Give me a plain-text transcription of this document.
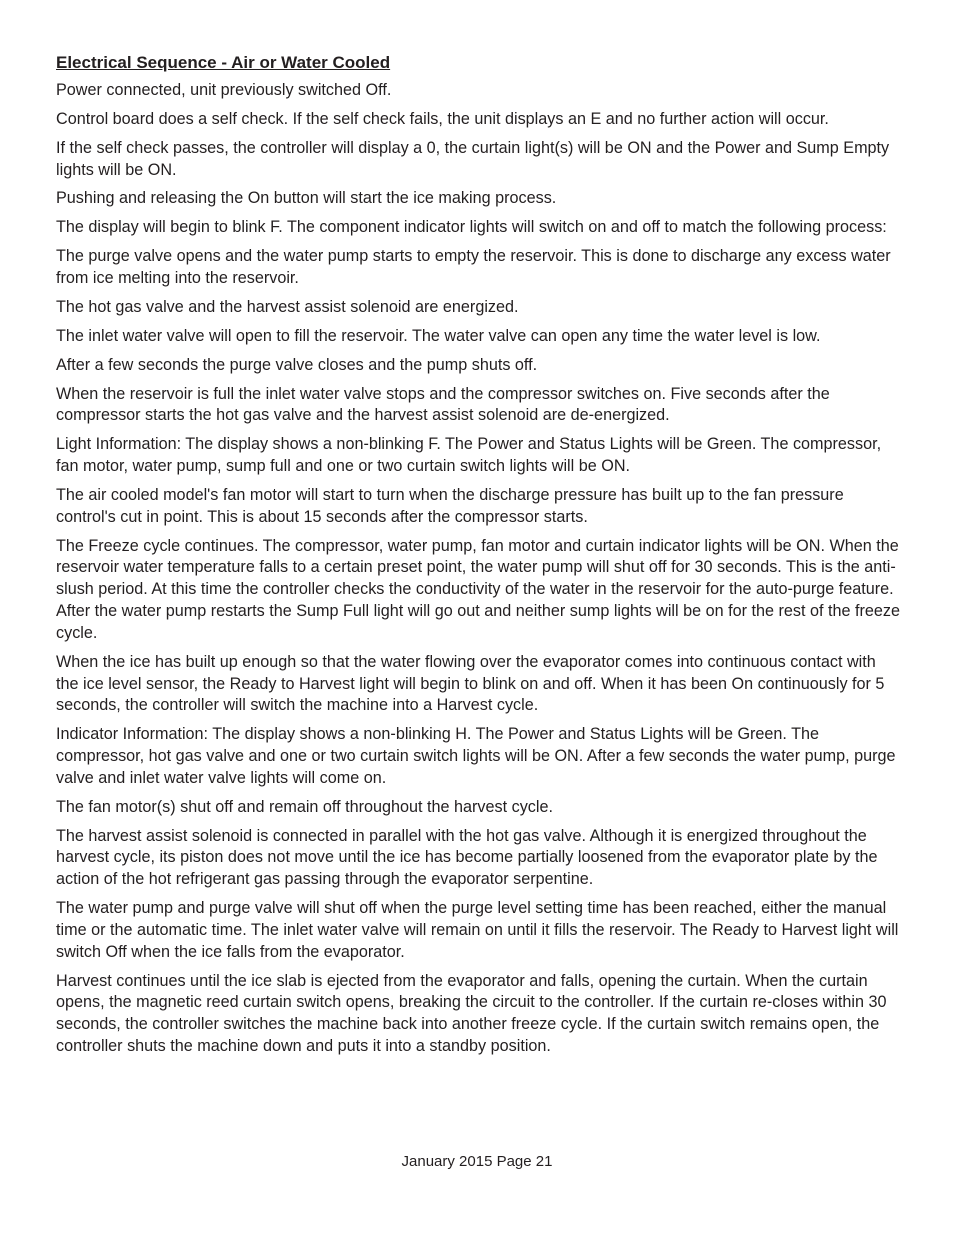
Electrical Sequence - Air or Water Cooled

Power connected, unit previously switched Off.

Control board does a self check. If the self check fails, the unit displays an E and no further action will occur.

If the self check passes, the controller will display a 0, the curtain light(s) will be ON and the Power and Sump Empty lights will be ON.

Pushing and releasing the On button will start the ice making process.

The display will begin to blink F. The component indicator lights will switch on and off to match the following process:

The purge valve opens and the water pump starts to empty the reservoir. This is done to discharge any excess water from ice melting into the reservoir.

The hot gas valve and the harvest assist solenoid are energized.

The inlet water valve will open to fill the reservoir. The water valve can open any time the water level is low.

After a few seconds the purge valve closes and the pump shuts off.

When the reservoir is full the inlet water valve stops and the compressor switches on. Five seconds after the compressor starts the hot gas valve and the harvest assist solenoid are de-energized.

Light Information: The display shows a non-blinking F. The Power and Status Lights will be Green. The compressor, fan motor, water pump, sump full and one or two curtain switch lights will be ON.

The air cooled model's fan motor will start to turn when the discharge pressure has built up to the fan pressure control's cut in point. This is about 15 seconds after the compressor starts.

The Freeze cycle continues. The compressor, water pump, fan motor and curtain indicator lights will be ON. When the reservoir water temperature falls to a certain preset point, the water pump will shut off for 30 seconds. This is the anti-slush period. At this time the controller checks the conductivity of the water in the reservoir for the auto-purge feature. After the water pump restarts the Sump Full light will go out and neither sump lights will be on for the rest of the freeze cycle.

When the ice has built up enough so that the water flowing over the evaporator comes into continuous contact with the ice level sensor, the Ready to Harvest light will begin to blink on and off. When it has been On continuously for 5 seconds, the controller will switch the machine into a Harvest cycle.

Indicator Information: The display shows a non-blinking H. The Power and Status Lights will be Green. The compressor, hot gas valve and one or two curtain switch lights will be ON. After a few seconds the water pump, purge valve and inlet water valve lights will come on.

The fan motor(s) shut off and remain off throughout the harvest cycle.

The harvest assist solenoid is connected in parallel with the hot gas valve. Although it is energized throughout the harvest cycle, its piston does not move until the ice has become partially loosened from the evaporator plate by the action of the hot refrigerant gas passing through the evaporator serpentine.

The water pump and purge valve will shut off when the purge level setting time has been reached, either the manual time or the automatic time. The inlet water valve will remain on until it fills the reservoir. The Ready to Harvest light will switch Off when the ice falls from the evaporator.

Harvest continues until the ice slab is ejected from the evaporator and falls, opening the curtain. When the curtain opens, the magnetic reed curtain switch opens, breaking the circuit to the controller. If the curtain re-closes within 30 seconds, the controller switches the machine back into another freeze cycle. If the curtain switch remains open, the controller shuts the machine down and puts it into a standby position.

January 2015 Page 21
